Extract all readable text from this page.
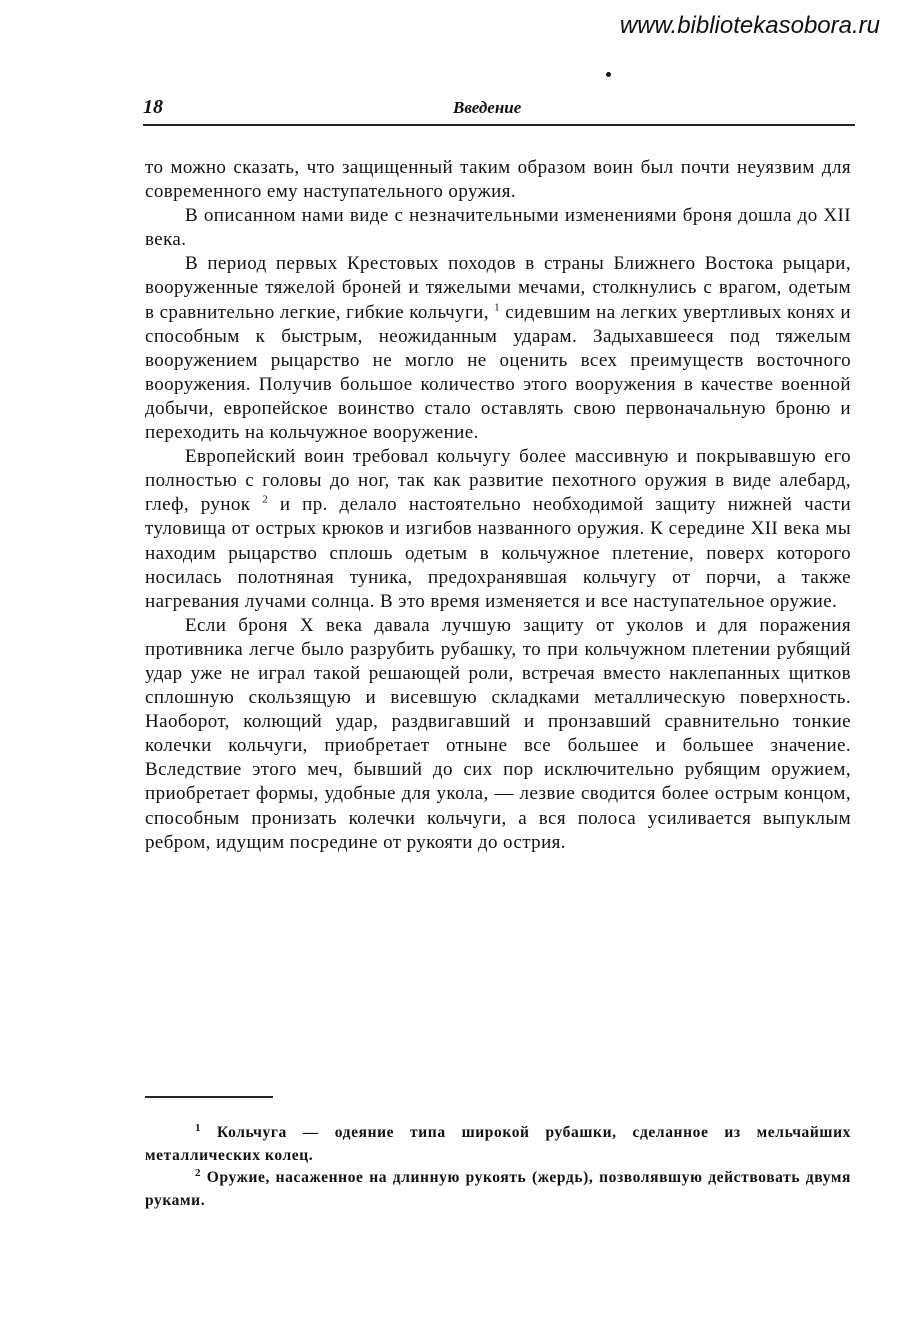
www.bibliotekasobora.ru
18	Введение

то можно сказать, что защищенный таким образом воин был почти неуязвим для современного ему наступательного оружия.

В описанном нами виде с незначительными изменениями броня дошла до XII века.

В период первых Крестовых походов в страны Ближнего Востока рыцари, вооруженные тяжелой броней и тяжелыми мечами, столкнулись с врагом, одетым в сравнительно легкие, гибкие кольчуги, $^1$ сидевшим на легких увертливых конях и способным к быстрым, неожиданным ударам. Задыхавшееся под тяжелым вооружением рыцарство не могло не оценить всех преимуществ восточного вооружения. Получив большое количество этого вооружения в качестве военной добычи, европейское воинство стало оставлять свою первоначальную броню и переходить на кольчужное вооружение.

Европейский воин требовал кольчугу более массивную и покрывавшую его полностью с головы до ног, так как развитие пехотного оружия в виде алебард, глеф, рунок $^2$ и пр. делало настоятельно необходимой защиту нижней части туловища от острых крюков и изгибов названного оружия. К середине XII века мы находим рыцарство сплошь одетым в кольчужное плетение, поверх которого носилась полотняная туника, предохранявшая кольчугу от порчи, а также нагревания лучами солнца. В это время изменяется и все наступательное оружие.

Если броня X века давала лучшую защиту от уколов и для поражения противника легче было разрубить рубашку, то при кольчужном плетении рубящий удар уже не играл такой решающей роли, встречая вместо наклепанных щитков сплошную скользящую и висевшую складками металлическую поверхность. Наоборот, колющий удар, раздвигавший и пронзавший сравнительно тонкие колечки кольчуги, приобретает отныне все большее и большее значение. Вследствие этого меч, бывший до сих пор исключительно рубящим оружием, приобретает формы, удобные для укола, — лезвие сводится более острым концом, способным пронизать колечки кольчуги, а вся полоса усиливается выпуклым ребром, идущим посредине от рукояти до острия.

$^1$ Кольчуга — одеяние типа широкой рубашки, сделанное из мельчайших металлических колец.

$^2$ Оружие, насаженное на длинную рукоять (жердь), позволявшую действовать двумя руками.
